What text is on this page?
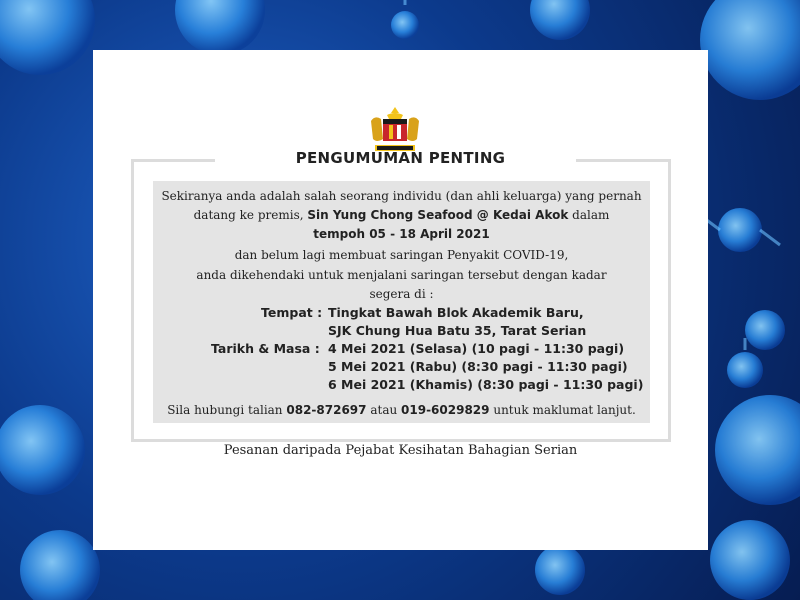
PENGUMUMAN PENTING
Sekiranya anda adalah salah seorang individu (dan ahli keluarga) yang pernah
datang ke premis, Sin Yung Chong Seafood @ Kedai Akok dalam
tempoh 05 - 18 April 2021
dan belum lagi membuat saringan Penyakit COVID-19,
anda dikehendaki untuk menjalani saringan tersebut dengan kadar
segera di :
Tempat : Tingkat Bawah Blok Akademik Baru,
SJK Chung Hua Batu 35, Tarat Serian
Tarikh & Masa : 4 Mei 2021 (Selasa) (10 pagi - 11:30 pagi)
5 Mei 2021 (Rabu) (8:30 pagi - 11:30 pagi)
6 Mei 2021 (Khamis) (8:30 pagi - 11:30 pagi)
Sila hubungi talian 082-872697 atau 019-6029829 untuk maklumat lanjut.
Pesanan daripada Pejabat Kesihatan Bahagian Serian
